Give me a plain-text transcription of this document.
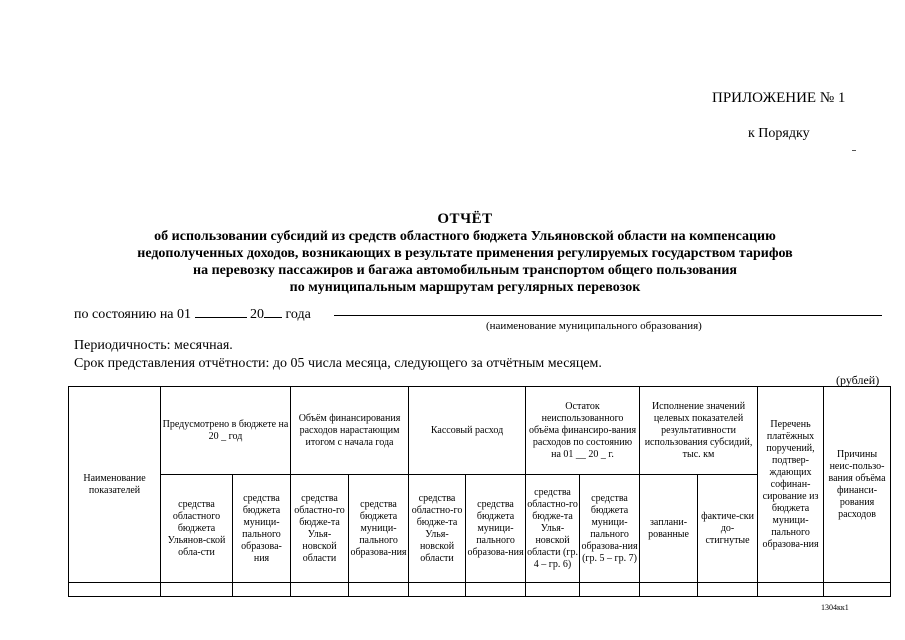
ПРИЛОЖЕНИЕ № 1
к Порядку
ОТЧЁТ
об использовании субсидий из средств областного бюджета Ульяновской области на компенсацию
недополученных доходов, возникающих в результате применения регулируемых государством тарифов
на перевозку пассажиров и багажа автомобильным транспортом общего пользования
по муниципальным маршрутам регулярных перевозок
по состоянию на 01	20 года
(наименование муниципального образования)
Периодичность: месячная.
Срок представления отчётности: до 05 числа месяца, следующего за отчётным месяцем.
(рублей)
Наименование показателей	Предусмотрено в бюджете на 20 _ год		Объём финансирования расходов нарастающим итогом с начала года		Кассовый расход		Остаток неиспользованного объёма финансиро-вания расходов по состоянию на 01 __ 20 _ г.		Исполнение значений целевых показателей результативности использования субсидий, тыс. км		Перечень платёжных поручений, подтвер-ждающих софинан-сирование из бюджета муници-пального образова-ния	Причины неис-пользо-вания объёма финанси-рования расходов
	средства областного бюджета Ульянов-ской обла-сти	средства бюджета муници-пального образова-ния	средства областно-го бюдже-та Улья-новской области	средства бюджета муници-пального образова-ния	средства областно-го бюдже-та Улья-новской области	средства бюджета муници-пального образова-ния	средства областно-го бюдже-та Улья-новской области (гр. 4 – гр. 6)	средства бюджета муници-пального образова-ния (гр. 5 – гр. 7)	заплани-рованные	фактиче-ски до-стигнутые		

1304кк1
